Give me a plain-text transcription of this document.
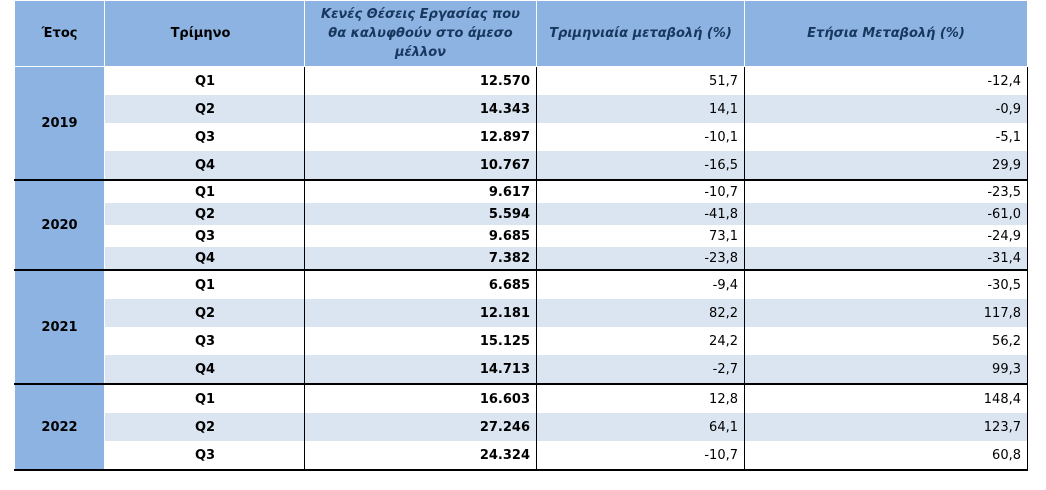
Έτος	Τρίμηνο	Κενές Θέσεις Εργασίας που θα καλυφθούν στο άμεσο μέλλον	Τριμηνιαία μεταβολή (%)	Ετήσια Μεταβολή (%)
2019	Q1	12.570	51,7	-12,4
	Q2	14.343	14,1	-0,9
	Q3	12.897	-10,1	-5,1
	Q4	10.767	-16,5	29,9
2020	Q1	9.617	-10,7	-23,5
	Q2	5.594	-41,8	-61,0
	Q3	9.685	73,1	-24,9
	Q4	7.382	-23,8	-31,4
2021	Q1	6.685	-9,4	-30,5
	Q2	12.181	82,2	117,8
	Q3	15.125	24,2	56,2
	Q4	14.713	-2,7	99,3
2022	Q1	16.603	12,8	148,4
	Q2	27.246	64,1	123,7
	Q3	24.324	-10,7	60,8
